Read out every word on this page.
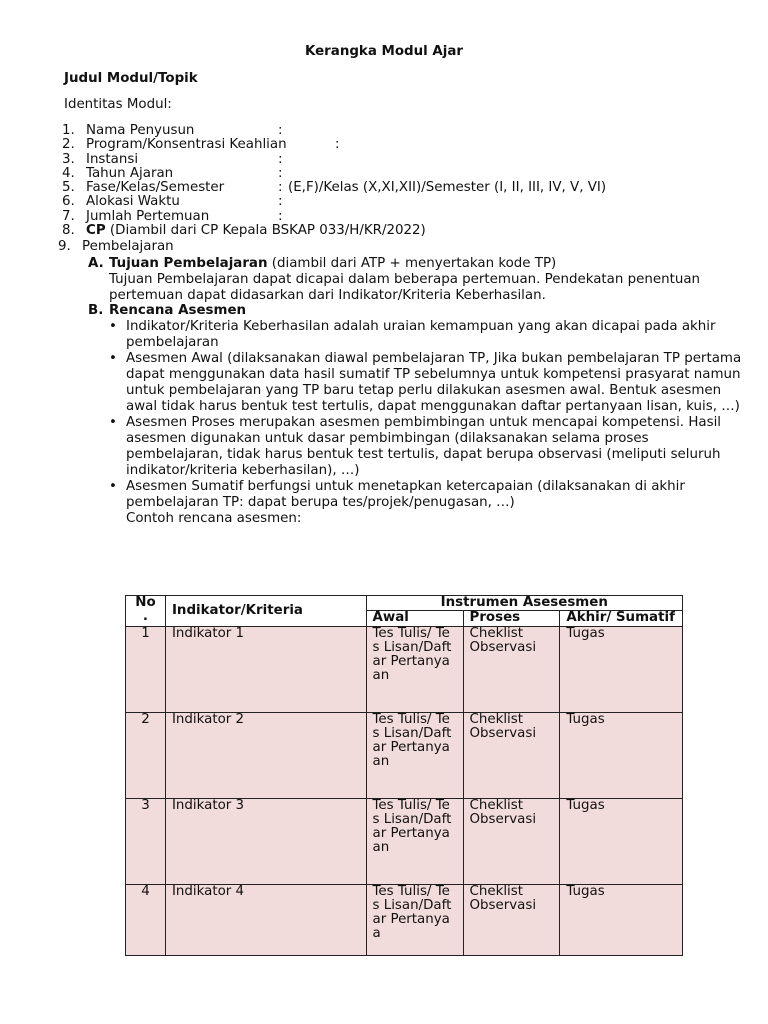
Kerangka Modul Ajar
Judul Modul/Topik
Identitas Modul:
1. Nama Penyusun	:
2. Program/Konsentrasi Keahlian	:
3. Instansi	:
4. Tahun Ajaran	:
5. Fase/Kelas/Semester	: (E,F)/Kelas (X,XI,XII)/Semester (I, II, III, IV, V, VI)
6. Alokasi Waktu	:
7. Jumlah Pertemuan	:
8. CP (Diambil dari CP Kepala BSKAP 033/H/KR/2022)
9. Pembelajaran
A. Tujuan Pembelajaran (diambil dari ATP + menyertakan kode TP)
Tujuan Pembelajaran dapat dicapai dalam beberapa pertemuan. Pendekatan penentuan pertemuan dapat didasarkan dari Indikator/Kriteria Keberhasilan.
B. Rencana Asesmen
• Indikator/Kriteria Keberhasilan adalah uraian kemampuan yang akan dicapai pada akhir pembelajaran
• Asesmen Awal (dilaksanakan diawal pembelajaran TP, Jika bukan pembelajaran TP pertama dapat menggunakan data hasil sumatif TP sebelumnya untuk kompetensi prasyarat namun untuk pembelajaran yang TP baru tetap perlu dilakukan asesmen awal. Bentuk asesmen awal tidak harus bentuk test tertulis, dapat menggunakan daftar pertanyaan lisan, kuis, …)
• Asesmen Proses merupakan asesmen pembimbingan untuk mencapai kompetensi. Hasil asesmen digunakan untuk dasar pembimbingan (dilaksanakan selama proses pembelajaran, tidak harus bentuk test tertulis, dapat berupa observasi (meliputi seluruh indikator/kriteria keberhasilan), …)
• Asesmen Sumatif berfungsi untuk menetapkan ketercapaian (dilaksanakan di akhir pembelajaran TP: dapat berupa tes/projek/penugasan, …)
Contoh rencana asesmen:
No .	Indikator/Kriteria	Instrumen Asesesmen		
		Awal	Proses	Akhir/ Sumatif
1	Indikator 1	Tes Tulis/ Tes Lisan/Daftar Pertanyaan	Cheklist Observasi	Tugas
2	Indikator 2	Tes Tulis/ Tes Lisan/Daftar Pertanyaan	Cheklist Observasi	Tugas
3	Indikator 3	Tes Tulis/ Tes Lisan/Daftar Pertanyaan	Cheklist Observasi	Tugas
4	Indikator 4	Tes Tulis/ Tes Lisan/Daftar Pertanyaa	Cheklist Observasi	Tugas
